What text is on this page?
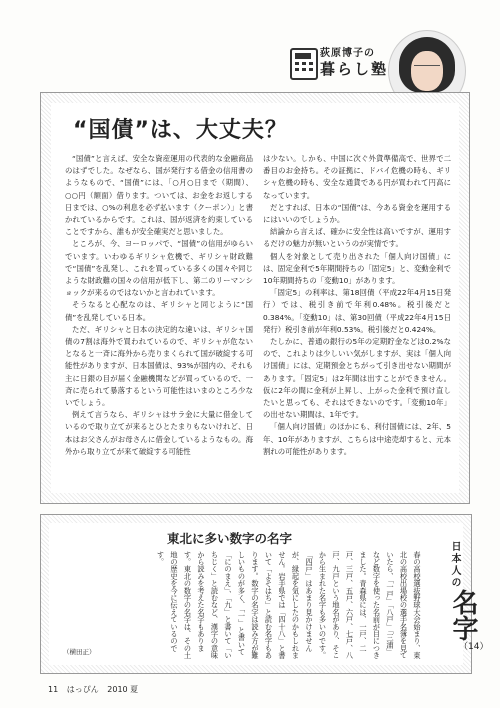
荻原博子の
暮らし塾
“国債”は、大丈夫？

“国債”と言えば、安全な資産運用の代表的な金融商品のはずでした。なぜなら、国が発行する借金の信用書のようなもので、“国債”には、「○月○日まで（期間）、○○円（額面）借ります。ついては、お金をお返しする日までは、○%の利息を必ず払います（クーポン）」と書かれているからです。これは、国が返済を約束していることですから、誰もが安全確実だと思いました。

ところが、今、ヨーロッパで、“国債”の信用がゆらいでいます。いわゆるギリシャ危機で、ギリシャ財政難で“国債”を乱発し、これを買っている多くの国々や同じような財政難の国々の信用が低下し、第二のリーマンショックが来るのではないかと言われています。

そうなると心配なのは、ギリシャと同じように“国債”を乱発している日本。

ただ、ギリシャと日本の決定的な違いは、ギリシャ国債の7割は海外で買われているので、ギリシャが危ないとなると一斉に海外から売りまくられて国が破綻する可能性がありますが、日本国債は、93%が国内の、それも主に日銀の目が届く金融機関などが買っているので、一斉に売られて暴落するという可能性はいまのところ少ないでしょう。

例えて言うなら、ギリシャはサラ金に大量に借金しているので取り立てが来るとひとたまりもないけれど、日本はお父さんがお母さんに借金しているようなもの。海外から取り立てが来て破綻する可能性

は少ない。しかも、中国に次ぐ外貨準備高で、世界で二番目のお金持ち。その証拠に、ドバイ危機の時も、ギリシャ危機の時も、安全な通貨である円が買われて円高になっています。

だとすれば、日本の“国債”は、今ある資金を運用するにはいいのでしょうか。

結論から言えば、確かに安全性は高いですが、運用するだけの魅力が無いというのが実情です。

個人を対象として売り出された「個人向け国債」には、固定金利で5年期間持ちの「固定5」と、変動金利で10年期間持ちの「変動10」があります。

「固定5」の利率は、第18回債（平成22年4月15日発行）では、税引き前で年利0.48%。税引後だと0.384%。「変動10」は、第30回債（平成22年4月15日発行）税引き前が年利0.53%。税引後だと0.424%。

たしかに、普通の銀行の5年の定期貯金などは0.2%なので、これよりは少しいい気がしますが、実は「個人向け国債」には、定期預金とちがって引き出せない期間があります。「固定5」は2年間は出すことができません。仮に2年の間に金利が上昇し、上がった金利で預け直したいと思っても、それはできないのです。「変動10年」の出せない期間は、1年です。

「個人向け国債」のほかにも、利付国債には、2年、5年、10年がありますが、こちらは中途売却すると、元本割れの可能性があります。

東北に多い数字の名字
春の高校選抜野球大会始まり、東北の高校出場校の選手名簿を見ていたら、「一戸」「八戸」「三浦」など数字を使った名前が目につきました。青森県には、一戸、二戸、三戸、五戸、六戸、七戸、八戸、九戸という地名があり、そこから生まれた名字も多いのです。「四戸」はあまり見かけませんが、縁起を気にしたのかもしれません。岩手県では「四十八」と書いて「よそはち」と読む名字もあります。数字の名字は読み方が難しいものが多く、「一」と書いて「にのまえ」、「九」と書いて「いちじく」と読むなど、漢字の意味から読みを考えた名字もあります。東北の数字の名字は、その土地の歴史を今に伝えているのです。
（横田正）
日本人の
名字
（14）
11 はっぴん 2010 夏
